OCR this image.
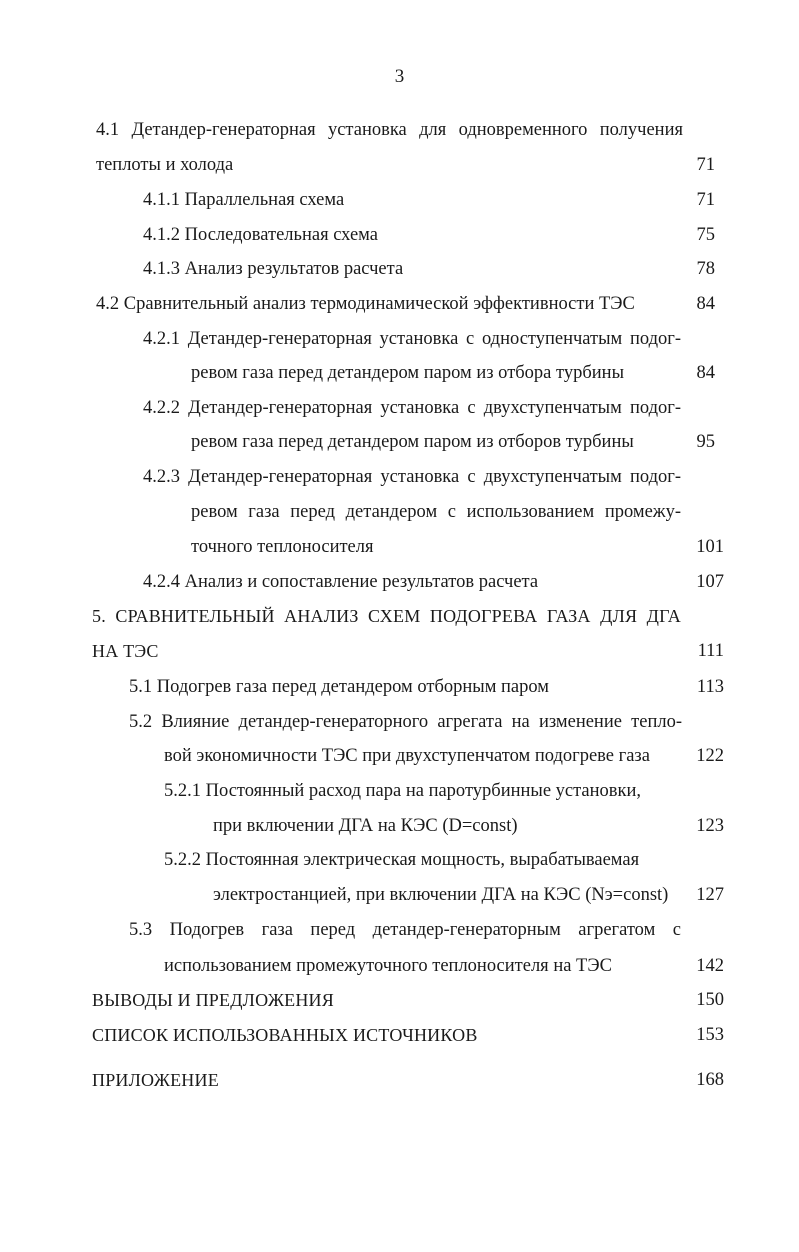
3
4.1 Детандер-генераторная установка для одновременного получения
теплоты и холода	71
4.1.1 Параллельная схема	71
4.1.2 Последовательная схема	75
4.1.3 Анализ результатов расчета	78
4.2 Сравнительный анализ термодинамической эффективности ТЭС	84
4.2.1 Детандер-генераторная установка с одноступенчатым подог-
ревом газа перед детандером паром из отбора турбины	84
4.2.2 Детандер-генераторная установка с двухступенчатым подог-
ревом газа перед детандером паром из отборов турбины	95
4.2.3 Детандер-генераторная установка с двухступенчатым подог-
ревом газа перед детандером с использованием промежу-
точного теплоносителя	101
4.2.4 Анализ и сопоставление результатов расчета	107
5. СРАВНИТЕЛЬНЫЙ АНАЛИЗ СХЕМ ПОДОГРЕВА ГАЗА ДЛЯ ДГА
НА ТЭС	111
5.1 Подогрев газа перед детандером отборным паром	113
5.2 Влияние детандер-генераторного агрегата на изменение тепло-
вой экономичности ТЭС при двухступенчатом подогреве газа	122
5.2.1 Постоянный расход пара на паротурбинные установки,
при включении ДГА на КЭС (D=const)	123
5.2.2 Постоянная электрическая мощность, вырабатываемая
электростанцией, при включении ДГА на КЭС (Nэ=const)	127
5.3 Подогрев газа перед детандер-генераторным агрегатом с
использованием промежуточного теплоносителя на ТЭС	142
ВЫВОДЫ И ПРЕДЛОЖЕНИЯ	150
СПИСОК ИСПОЛЬЗОВАННЫХ ИСТОЧНИКОВ	153
ПРИЛОЖЕНИЕ	168
